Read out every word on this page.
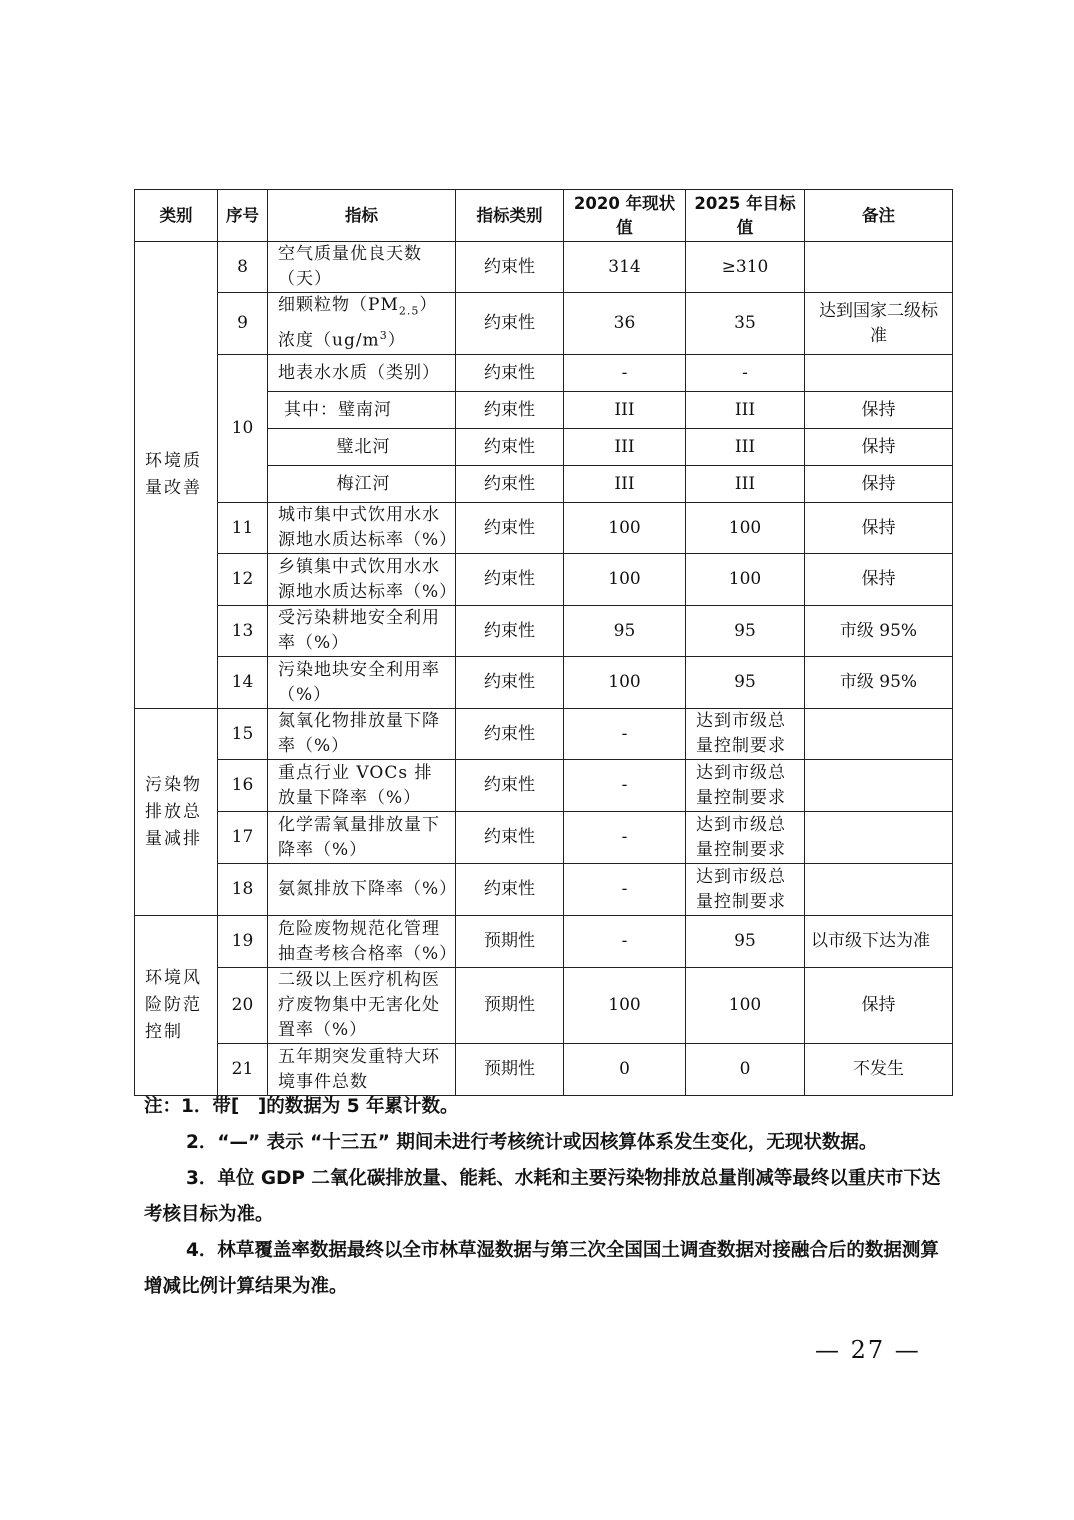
类别	序号	指标	指标类别	2020 年现状值	2025 年目标值	备注
环境质量改善	8	空气质量优良天数（天）	约束性	314	≥310	
	9	细颗粒物$(PM_{2.5})$浓度$(ug/m^3)$	约束性	36	35	达到国家二级标准
	10	地表水水质（类别）	约束性	-	-	
		其中：璧南河	约束性	III	III	保持
		璧北河	约束性	III	III	保持
		梅江河	约束性	III	III	保持
	11	城市集中式饮用水水源地水质达标率（%）	约束性	100	100	保持
	12	乡镇集中式饮用水水源地水质达标率（%）	约束性	100	100	保持
	13	受污染耕地安全利用率（%）	约束性	95	95	市级 95%
	14	污染地块安全利用率（%）	约束性	100	95	市级 95%
污染物排放总量减排	15	氮氧化物排放量下降率（%）	约束性	-	达到市级总量控制要求	
	16	重点行业 VOCs 排放量下降率（%）	约束性	-	达到市级总量控制要求	
	17	化学需氧量排放量下降率（%）	约束性	-	达到市级总量控制要求	
	18	氨氮排放下降率（%）	约束性	-	达到市级总量控制要求	
环境风险防范控制	19	危险废物规范化管理抽查考核合格率（%）	预期性	-	95	以市级下达为准
	20	二级以上医疗机构医疗废物集中无害化处置率（%）	预期性	100	100	保持
	21	五年期突发重特大环境事件总数	预期性	0	0	不发生

注：1．带[　]的数据为 5 年累计数。

2．“—” 表示 “十三五” 期间未进行考核统计或因核算体系发生变化，无现状数据。

3．单位 GDP 二氧化碳排放量、能耗、水耗和主要污染物排放总量削减等最终以重庆市下达考核目标为准。

4．林草覆盖率数据最终以全市林草湿数据与第三次全国国土调查数据对接融合后的数据测算增减比例计算结果为准。

— 27 —
